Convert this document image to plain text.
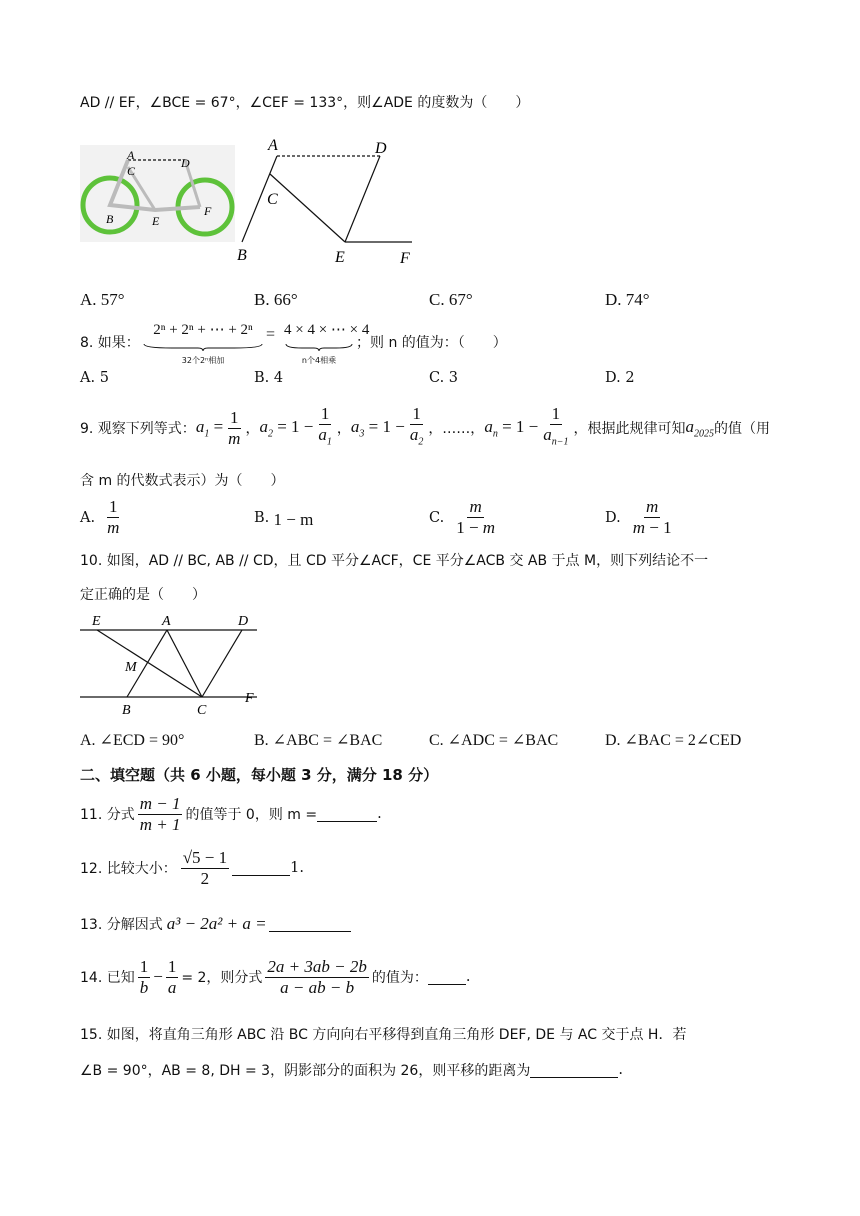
AD // EF，∠BCE = 67°，∠CEF = 133°，则∠ADE 的度数为（　　）
A
D
C
B	E
F
A	D
C
B	E	F
A. 57°	B. 66°	C. 67°	D. 74°
8. 如果：
2ⁿ + 2ⁿ + ⋯ + 2ⁿ
32个2ⁿ相加
= 4 × 4 × ⋯ × 4
n个4相乘
；则 n 的值为：（　　）
A. 5	B. 4	C. 3	D. 2
9. 观察下列等式： $a_1 = \frac{1}{m}$ ， $a_2 = 1 - \frac{1}{a_1}$ ， $a_3 = 1 - \frac{1}{a_2}$ ，……， $a_n = 1 - \frac{1}{a_{n-1}}$ ，根据此规律可知 $a_{2025}$ 的值（用
含 m 的代数式表示）为（　　）
A. $\frac{1}{m}$	B.
1 − m	C. $\frac{m}{1 - m}$	D. $\frac{m}{m - 1}$
10. 如图，AD // BC, AB // CD，且 CD 平分∠ACF，CE 平分∠ACB 交 AB 于点 M，则下列结论不一
定正确的是（　　）
E	A	D
M
B	C
F
A. ∠ECD = 90°	B. ∠ABC = ∠BAC	C. ∠ADC = ∠BAC	D. ∠BAC = 2∠CED
二、填空题（共 6 小题，每小题 3 分，满分 18 分）
11. 分式 $\frac{m - 1}{m + 1}$ 的值等于 0，则 m =	.
12. 比较大小： $\frac{√5 - 1}{2}$	1.
13. 分解因式 a³ − 2a² + a =
14. 已知 $\frac{1}{b} - \frac{1}{a} = 2$，则分式 $\frac{2a + 3ab - 2b}{a - ab - b}$ 的值为：	.
15. 如图，将直角三角形 ABC 沿 BC 方向向右平移得到直角三角形 DEF, DE 与 AC 交于点 H．若
∠B = 90°，AB = 8, DH = 3，阴影部分的面积为 26，则平移的距离为	.
